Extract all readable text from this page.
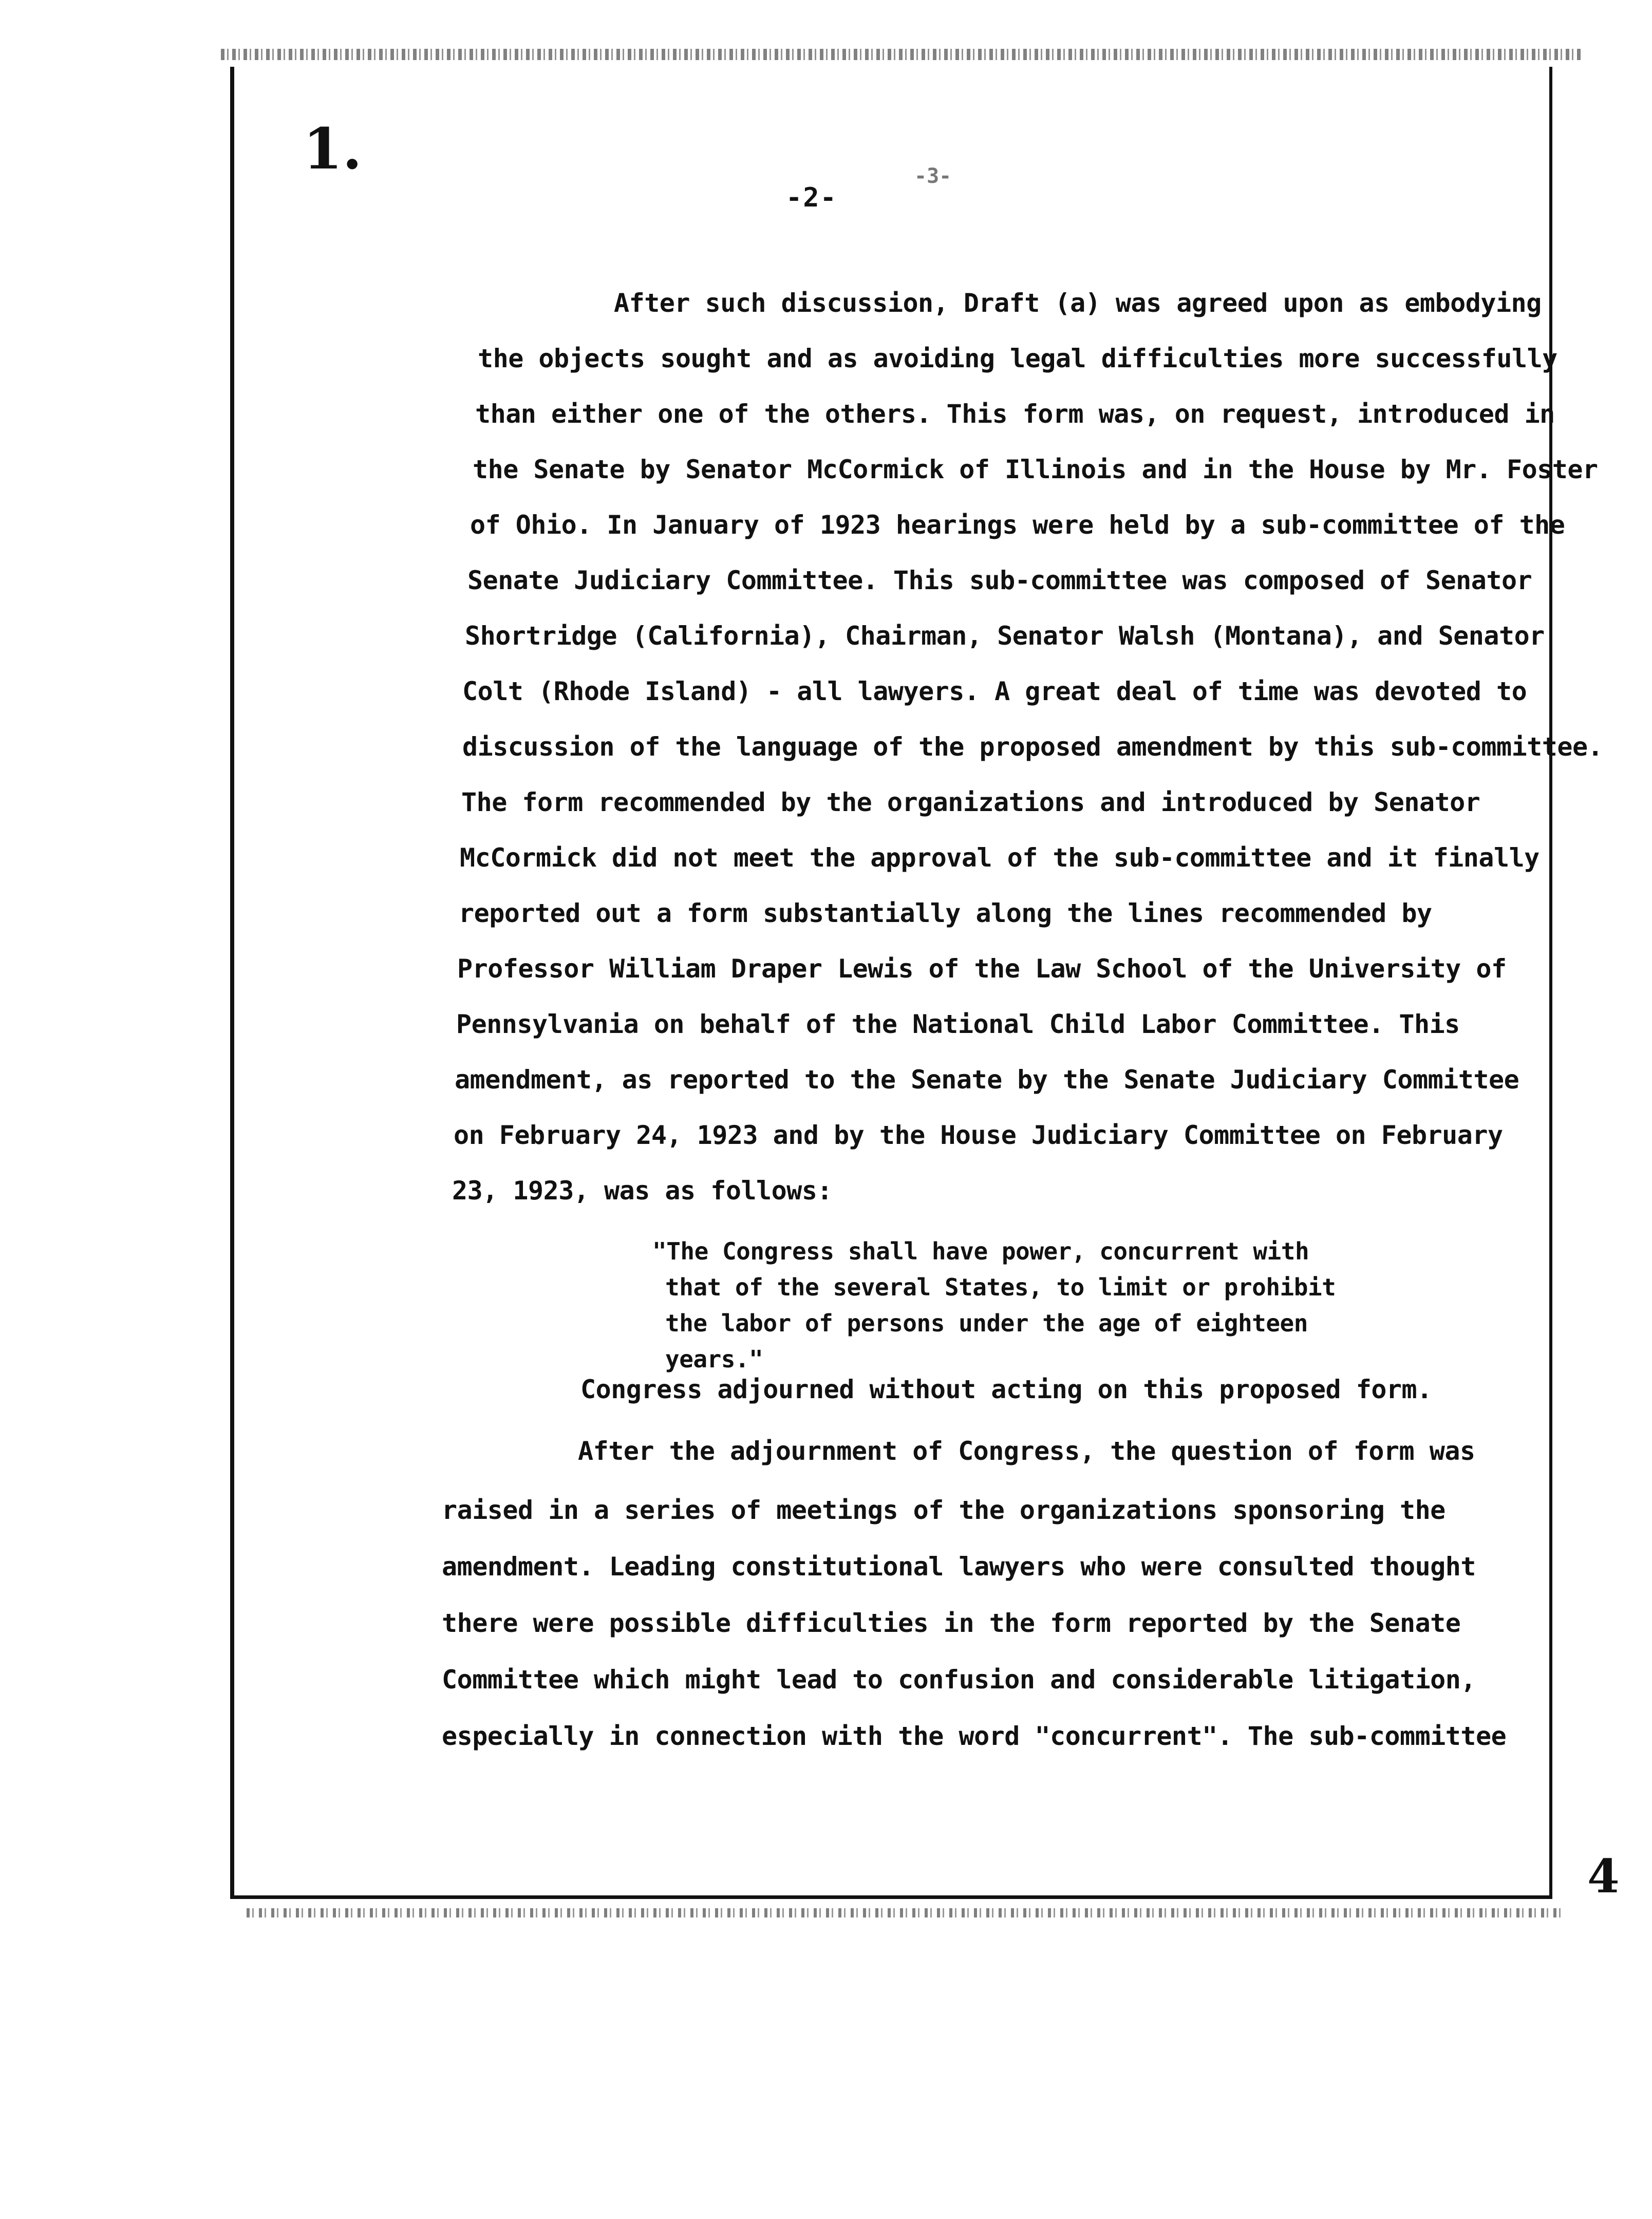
1.
-2-
-3-
After such discussion, Draft (a) was agreed upon as embodying
the objects sought and as avoiding legal difficulties more successfully
than either one of the others. This form was, on request, introduced in
the Senate by Senator McCormick of Illinois and in the House by Mr. Foster
of Ohio. In January of 1923 hearings were held by a sub-committee of the
Senate Judiciary Committee. This sub-committee was composed of Senator
Shortridge (California), Chairman, Senator Walsh (Montana), and Senator
Colt (Rhode Island) - all lawyers. A great deal of time was devoted to
discussion of the language of the proposed amendment by this sub-committee.
The form recommended by the organizations and introduced by Senator
McCormick did not meet the approval of the sub-committee and it finally
reported out a form substantially along the lines recommended by
Professor William Draper Lewis of the Law School of the University of
Pennsylvania on behalf of the National Child Labor Committee. This
amendment, as reported to the Senate by the Senate Judiciary Committee
on February 24, 1923 and by the House Judiciary Committee on February
23, 1923, was as follows:
"The Congress shall have power, concurrent with
that of the several States, to limit or prohibit
the labor of persons under the age of eighteen
years."
Congress adjourned without acting on this proposed form.
After the adjournment of Congress, the question of form was
raised in a series of meetings of the organizations sponsoring the
amendment. Leading constitutional lawyers who were consulted thought
there were possible difficulties in the form reported by the Senate
Committee which might lead to confusion and considerable litigation,
especially in connection with the word "concurrent". The sub-committee
4
